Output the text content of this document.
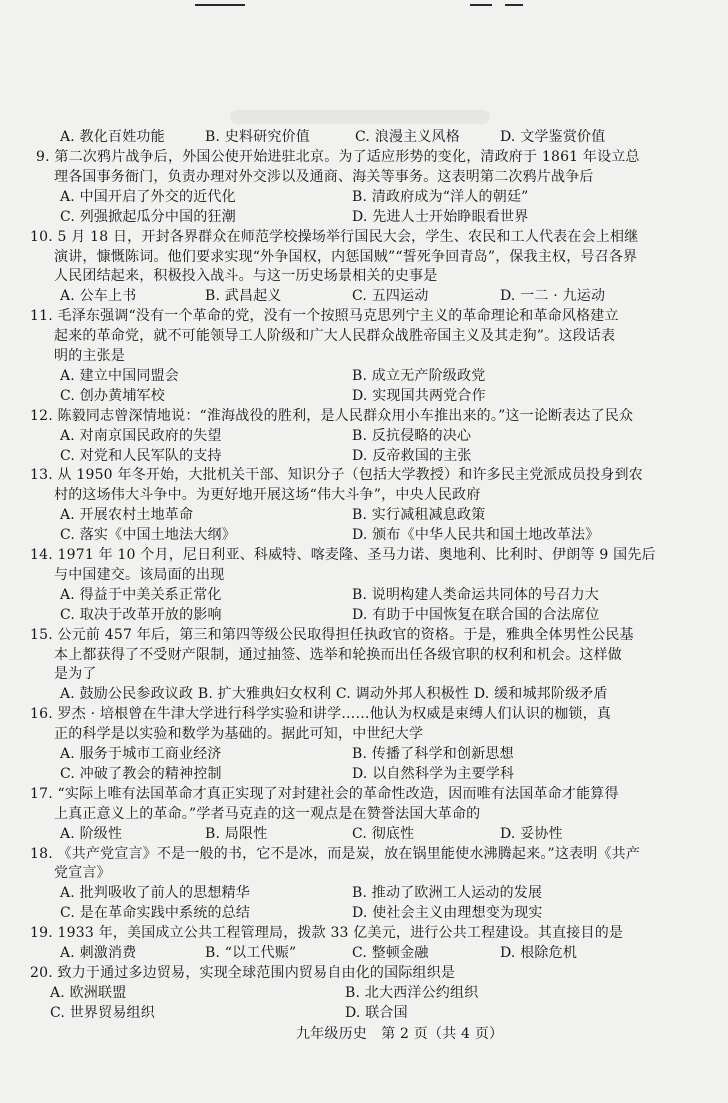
A. 教化百姓功能	B. 史料研究价值	C. 浪漫主义风格	D. 文学鉴赏价值
9. 第二次鸦片战争后，外国公使开始进驻北京。为了适应形势的变化，清政府于 1861 年设立总
理各国事务衙门，负责办理对外交涉以及通商、海关等事务。这表明第二次鸦片战争后
A. 中国开启了外交的近代化	B. 清政府成为“洋人的朝廷”
C. 列强掀起瓜分中国的狂潮	D. 先进人士开始睁眼看世界
10. 5 月 18 日，开封各界群众在师范学校操场举行国民大会，学生、农民和工人代表在会上相继
演讲，慷慨陈词。他们要求实现“外争国权，内惩国贼”“誓死争回青岛”，保我主权，号召各界
人民团结起来，积极投入战斗。与这一历史场景相关的史事是
A. 公车上书	B. 武昌起义	C. 五四运动	D. 一二 · 九运动
11. 毛泽东强调“没有一个革命的党，没有一个按照马克思列宁主义的革命理论和革命风格建立
起来的革命党，就不可能领导工人阶级和广大人民群众战胜帝国主义及其走狗”。这段话表
明的主张是
A. 建立中国同盟会	B. 成立无产阶级政党
C. 创办黄埔军校	D. 实现国共两党合作
12. 陈毅同志曾深情地说：“淮海战役的胜利，是人民群众用小车推出来的。”这一论断表达了民众
A. 对南京国民政府的失望	B. 反抗侵略的决心
C. 对党和人民军队的支持	D. 反帝救国的主张
13. 从 1950 年冬开始，大批机关干部、知识分子（包括大学教授）和许多民主党派成员投身到农
村的这场伟大斗争中。为更好地开展这场“伟大斗争”，中央人民政府
A. 开展农村土地革命	B. 实行减租减息政策
C. 落实《中国土地法大纲》	D. 颁布《中华人民共和国土地改革法》
14. 1971 年 10 个月，尼日利亚、科威特、喀麦隆、圣马力诺、奥地利、比利时、伊朗等 9 国先后
与中国建交。该局面的出现
A. 得益于中美关系正常化	B. 说明构建人类命运共同体的号召力大
C. 取决于改革开放的影响	D. 有助于中国恢复在联合国的合法席位
15. 公元前 457 年后，第三和第四等级公民取得担任执政官的资格。于是，雅典全体男性公民基
本上都获得了不受财产限制，通过抽签、选举和轮换而出任各级官职的权利和机会。这样做
是为了
A. 鼓励公民参政议政 B. 扩大雅典妇女权利 C. 调动外邦人积极性 D. 缓和城邦阶级矛盾
16. 罗杰 · 培根曾在牛津大学进行科学实验和讲学……他认为权威是束缚人们认识的枷锁，真
正的科学是以实验和数学为基础的。据此可知，中世纪大学
A. 服务于城市工商业经济	B. 传播了科学和创新思想
C. 冲破了教会的精神控制	D. 以自然科学为主要学科
17. “实际上唯有法国革命才真正实现了对封建社会的革命性改造，因而唯有法国革命才能算得
上真正意义上的革命。”学者马克垚的这一观点是在赞誉法国大革命的
A. 阶级性	B. 局限性	C. 彻底性	D. 妥协性
18. 《共产党宣言》不是一般的书，它不是冰，而是炭，放在锅里能使水沸腾起来。”这表明《共产
党宣言》
A. 批判吸收了前人的思想精华	B. 推动了欧洲工人运动的发展
C. 是在革命实践中系统的总结	D. 使社会主义由理想变为现实
19. 1933 年，美国成立公共工程管理局，拨款 33 亿美元，进行公共工程建设。其直接目的是
A. 刺激消费	B. “以工代赈”	C. 整顿金融	D. 根除危机
20. 致力于通过多边贸易，实现全球范围内贸易自由化的国际组织是
A. 欧洲联盟	B. 北大西洋公约组织
C. 世界贸易组织	D. 联合国
九年级历史　第 2 页（共 4 页）
